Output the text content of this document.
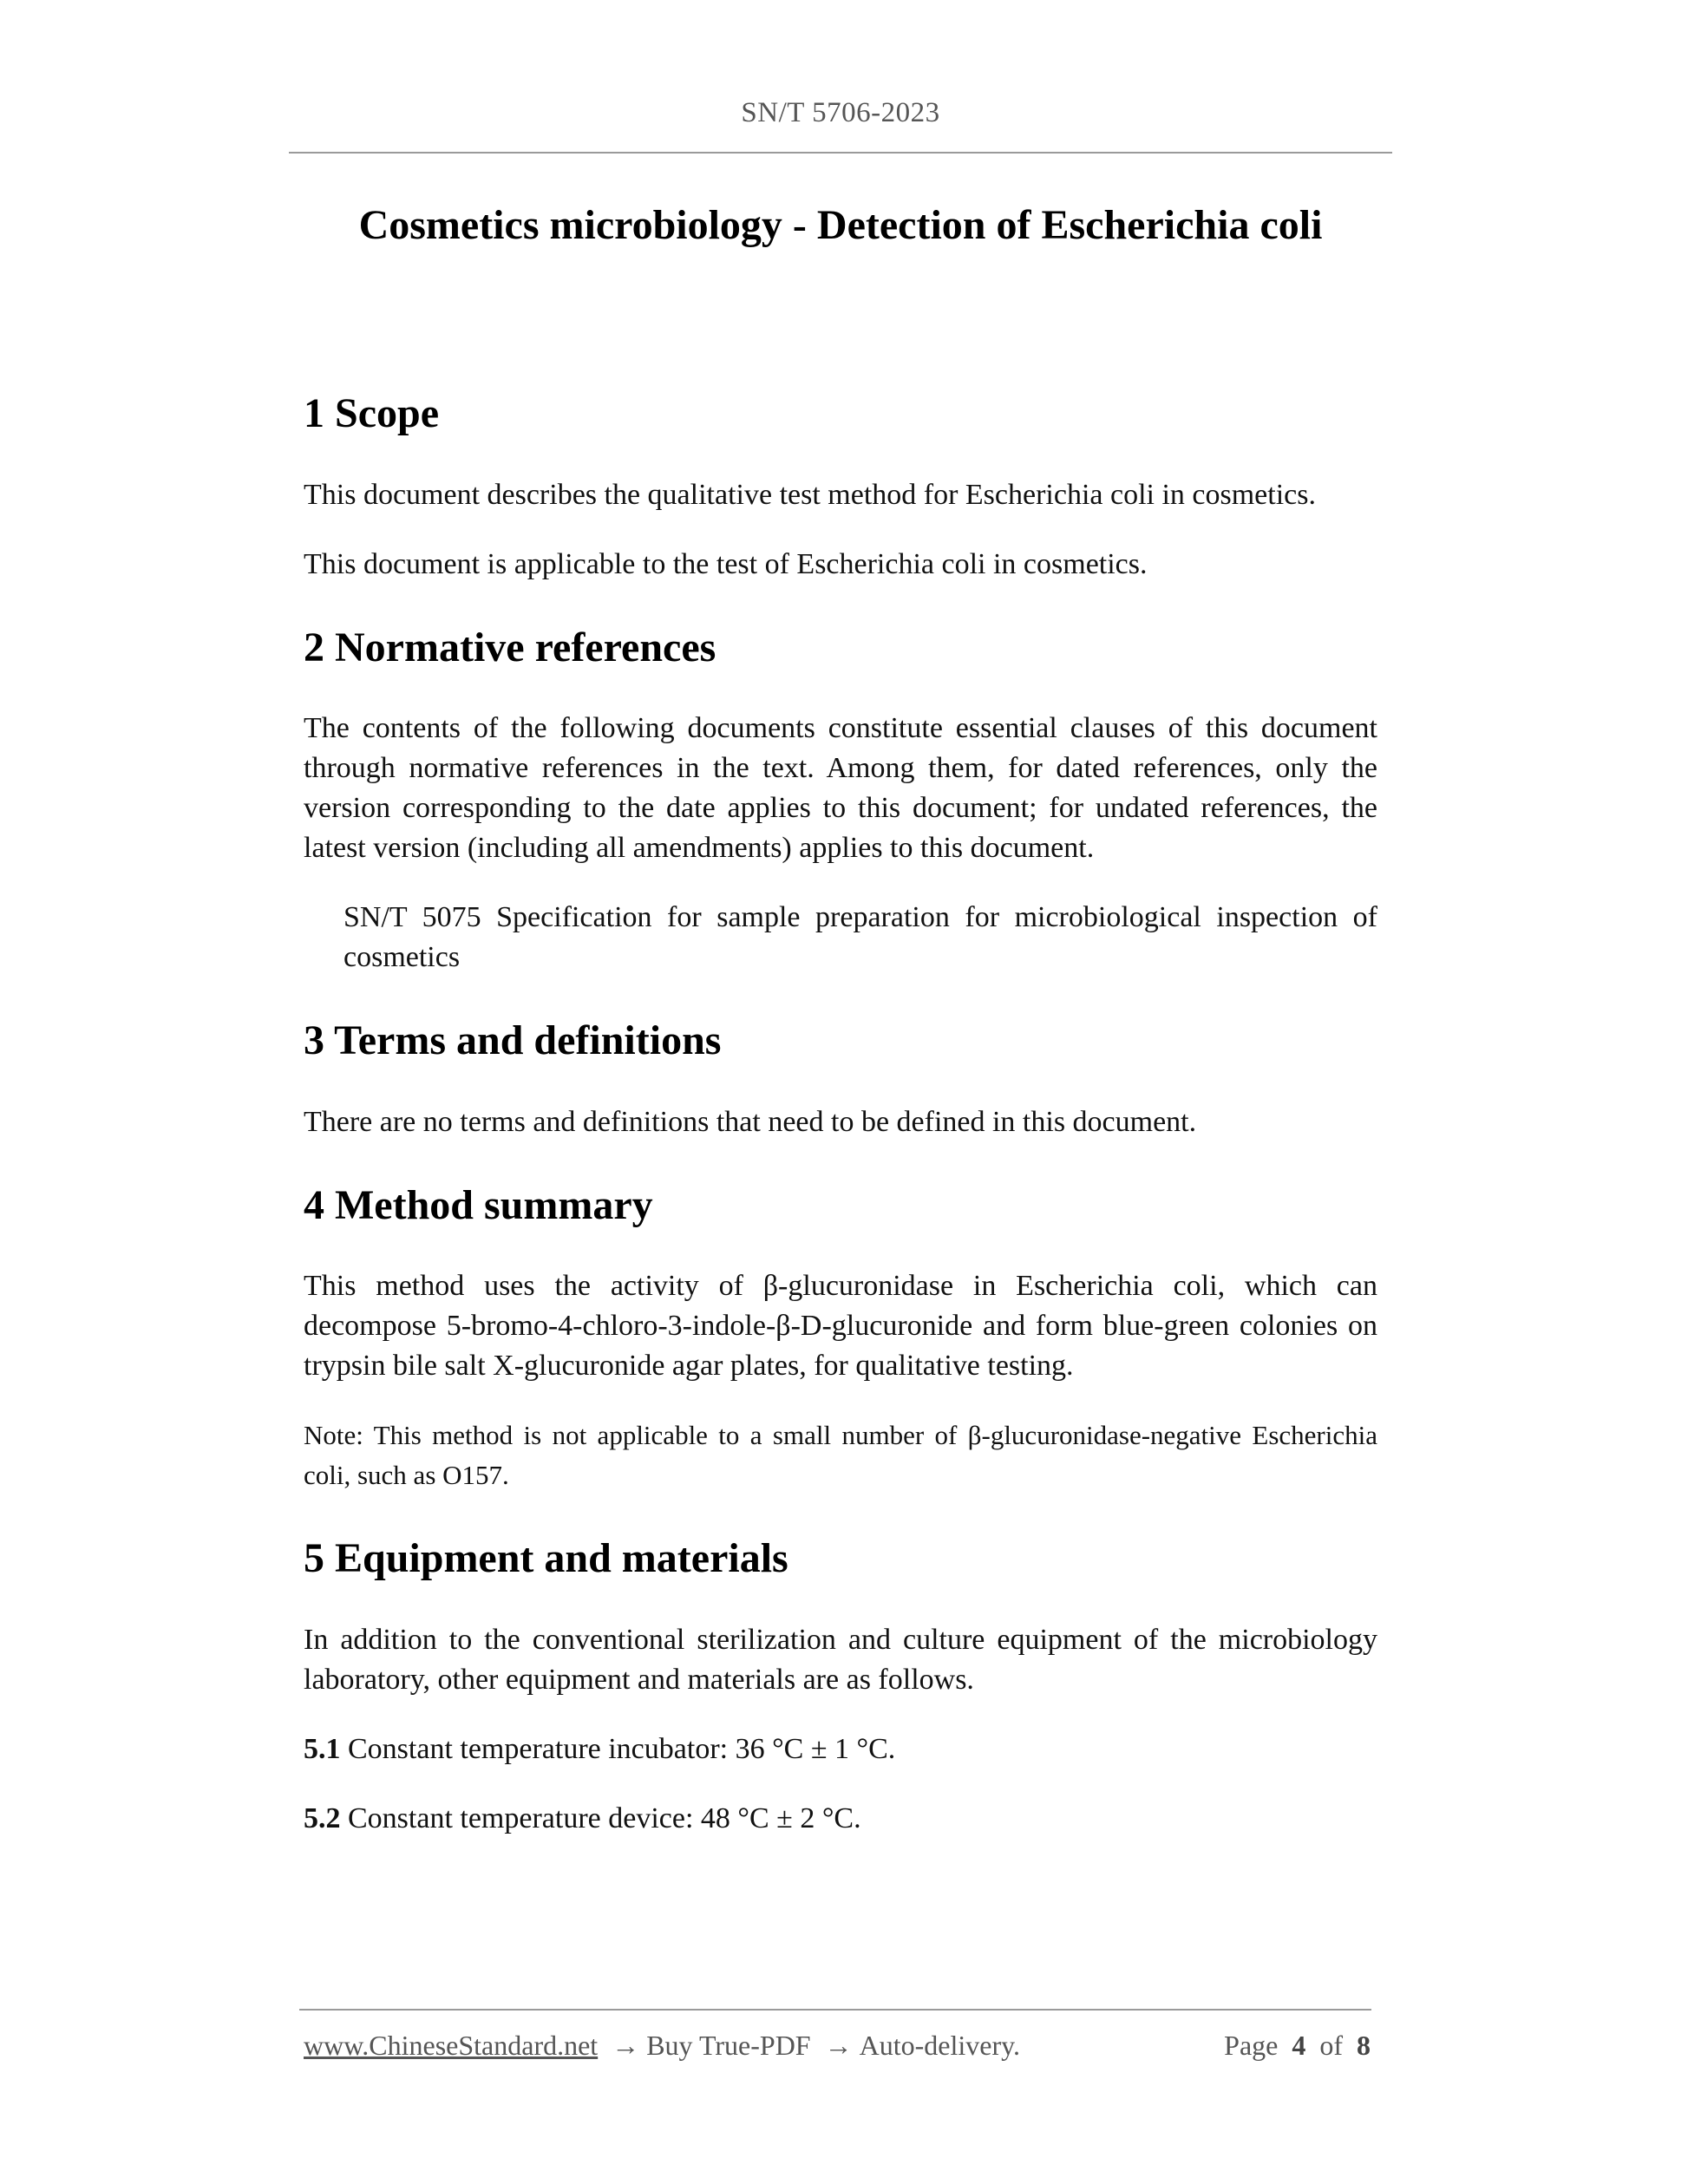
SN/T 5706-2023
Cosmetics microbiology - Detection of Escherichia coli
1 Scope

This document describes the qualitative test method for Escherichia coli in cosmetics.

This document is applicable to the test of Escherichia coli in cosmetics.

2 Normative references

The contents of the following documents constitute essential clauses of this document through normative references in the text. Among them, for dated references, only the version corresponding to the date applies to this document; for undated references, the latest version (including all amendments) applies to this document.

SN/T 5075 Specification for sample preparation for microbiological inspection of cosmetics

3 Terms and definitions

There are no terms and definitions that need to be defined in this document.

4 Method summary

This method uses the activity of β-glucuronidase in Escherichia coli, which can decompose 5-bromo-4-chloro-3-indole-β-D-glucuronide and form blue-green colonies on trypsin bile salt X-glucuronide agar plates, for qualitative testing.

Note: This method is not applicable to a small number of β-glucuronidase-negative Escherichia coli, such as O157.

5 Equipment and materials

In addition to the conventional sterilization and culture equipment of the microbiology laboratory, other equipment and materials are as follows.

5.1 Constant temperature incubator: 36 °C ± 1 °C.

5.2 Constant temperature device: 48 °C ± 2 °C.

www.ChineseStandard.net → Buy True-PDF → Auto-delivery.	Page 4 of 8
